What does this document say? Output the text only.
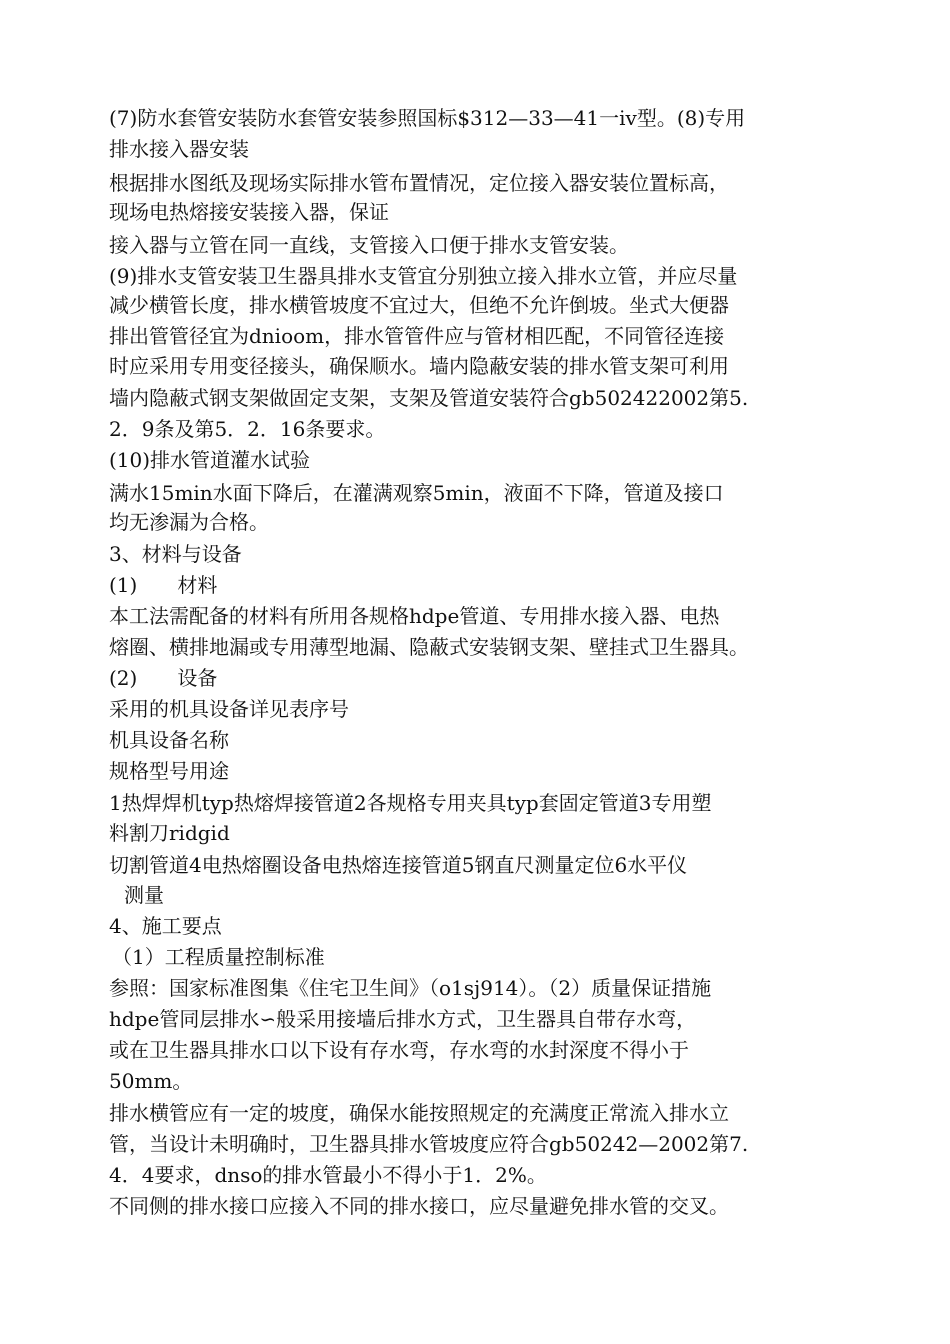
(7)防水套管安装防水套管安装参照国标$312—33—41一iv型。(8)专用
排水接入器安装
根据排水图纸及现场实际排水管布置情况，定位接入器安装位置标高，
现场电热熔接安装接入器，保证
接入器与立管在同一直线，支管接入口便于排水支管安装。
(9)排水支管安装卫生器具排水支管宜分别独立接入排水立管，并应尽量
减少横管长度，排水横管坡度不宜过大，但绝不允许倒坡。坐式大便器
排出管管径宜为dnioom，排水管管件应与管材相匹配，不同管径连接
时应采用专用变径接头，确保顺水。墙内隐蔽安装的排水管支架可利用
墙内隐蔽式钢支架做固定支架，支架及管道安装符合gb502422002第5.
2．9条及第5．2．16条要求。
(10)排水管道灌水试验
满水15min水面下降后，在灌满观察5min，液面不下降，管道及接口
均无渗漏为合格。
3、材料与设备
(1)　　材料
本工法需配备的材料有所用各规格hdpe管道、专用排水接入器、电热
熔圈、横排地漏或专用薄型地漏、隐蔽式安装钢支架、壁挂式卫生器具。
(2)　　设备
采用的机具设备详见表序号
机具设备名称
规格型号用途
1热焊焊机typ热熔焊接管道2各规格专用夹具typ套固定管道3专用塑
料割刀ridgid
切割管道4电热熔圈设备电热熔连接管道5钢直尺测量定位6水平仪
测量
4、施工要点
（1）工程质量控制标准
参照：国家标准图集《住宅卫生间》（o1sj914）。（2）质量保证措施
hdpe管同层排水∽般采用接墙后排水方式，卫生器具自带存水弯，
或在卫生器具排水口以下设有存水弯，存水弯的水封深度不得小于
50mm。
排水横管应有一定的坡度，确保水能按照规定的充满度正常流入排水立
管，当设计未明确时，卫生器具排水管坡度应符合gb50242—2002第7.
4．4要求，dnso的排水管最小不得小于1．2%。
不同侧的排水接口应接入不同的排水接口，应尽量避免排水管的交叉。
